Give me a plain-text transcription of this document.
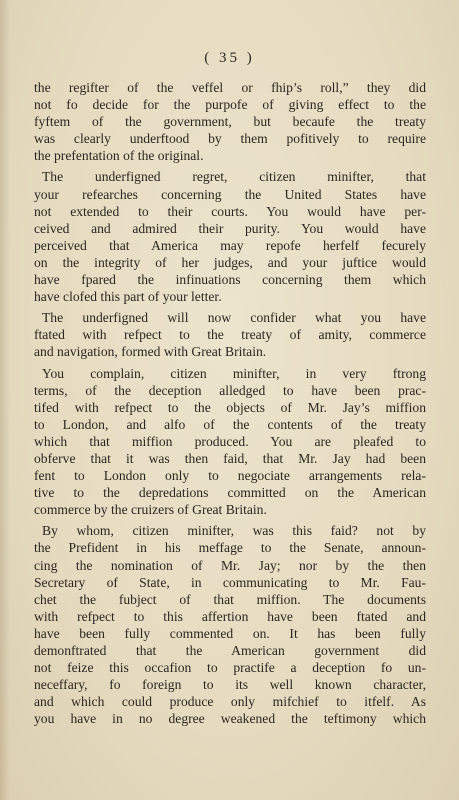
( 35 )
the regifter of the veffel or fhip’s roll,” they did
not fo decide for the purpofe of giving effect to the
fyftem of the government, but becaufe the treaty
was clearly underftood by them pofitively to require
the prefentation of the original.
The underfigned regret, citizen minifter, that
your refearches concerning the United States have
not extended to their courts. You would have per-
ceived and admired their purity. You would have
perceived that America may repofe herfelf fecurely
on the integrity of her judges, and your juftice would
have fpared the infinuations concerning them which
have clofed this part of your letter.
The underfigned will now confider what you have
ftated with refpect to the treaty of amity, commerce
and navigation, formed with Great Britain.
You complain, citizen minifter, in very ftrong
terms, of the deception alledged to have been prac-
tifed with refpect to the objects of Mr. Jay’s miffion
to London, and alfo of the contents of the treaty
which that miffion produced. You are pleafed to
obferve that it was then faid, that Mr. Jay had been
fent to London only to negociate arrangements rela-
tive to the depredations committed on the American
commerce by the cruizers of Great Britain.
By whom, citizen minifter, was this faid? not by
the Prefident in his meffage to the Senate, announ-
cing the nomination of Mr. Jay; nor by the then
Secretary of State, in communicating to Mr. Fau-
chet the fubject of that miffion. The documents
with refpect to this affertion have been ftated and
have been fully commented on. It has been fully
demonftrated that the American government did
not feize this occafion to practife a deception fo un-
neceffary, fo foreign to its well known character,
and which could produce only mifchief to itfelf. As
you have in no degree weakened the teftimony which
